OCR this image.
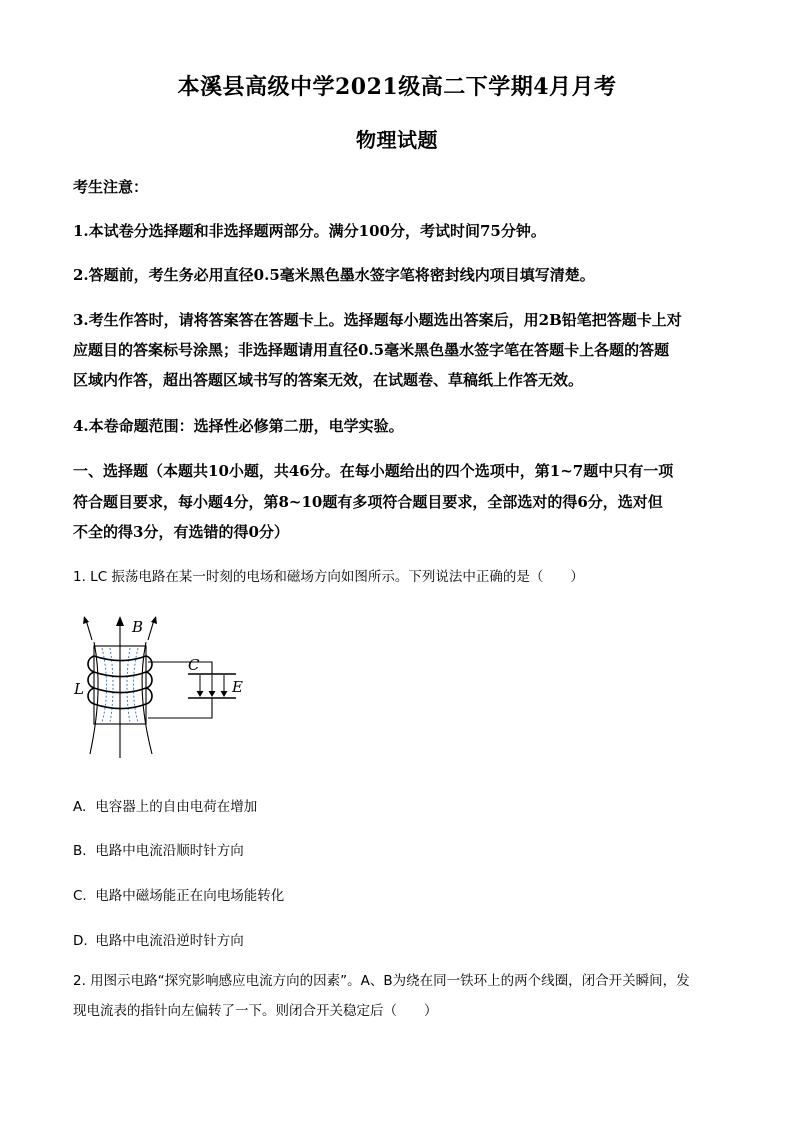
本溪县高级中学2021级高二下学期4月月考
物理试题
考生注意：
1.本试卷分选择题和非选择题两部分。满分100分，考试时间75分钟。
2.答题前，考生务必用直径0.5毫米黑色墨水签字笔将密封线内项目填写清楚。
3.考生作答时，请将答案答在答题卡上。选择题每小题选出答案后，用2B铅笔把答题卡上对
应题目的答案标号涂黑；非选择题请用直径0.5毫米黑色墨水签字笔在答题卡上各题的答题
区域内作答，超出答题区域书写的答案无效，在试题卷、草稿纸上作答无效。
4.本卷命题范围：选择性必修第二册，电学实验。
一、选择题（本题共10小题，共46分。在每小题给出的四个选项中，第1~7题中只有一项
符合题目要求，每小题4分，第8~10题有多项符合题目要求，全部选对的得6分，选对但
不全的得3分，有选错的得0分）
1. LC 振荡电路在某一时刻的电场和磁场方向如图所示。下列说法中正确的是（　　）
B
L
C
E
A. 电容器上的自由电荷在增加
B. 电路中电流沿顺时针方向
C. 电路中磁场能正在向电场能转化
D. 电路中电流沿逆时针方向
2. 用图示电路“探究影响感应电流方向的因素”。A、B为绕在同一铁环上的两个线圈，闭合开关瞬间，发
现电流表的指针向左偏转了一下。则闭合开关稳定后（　　）
